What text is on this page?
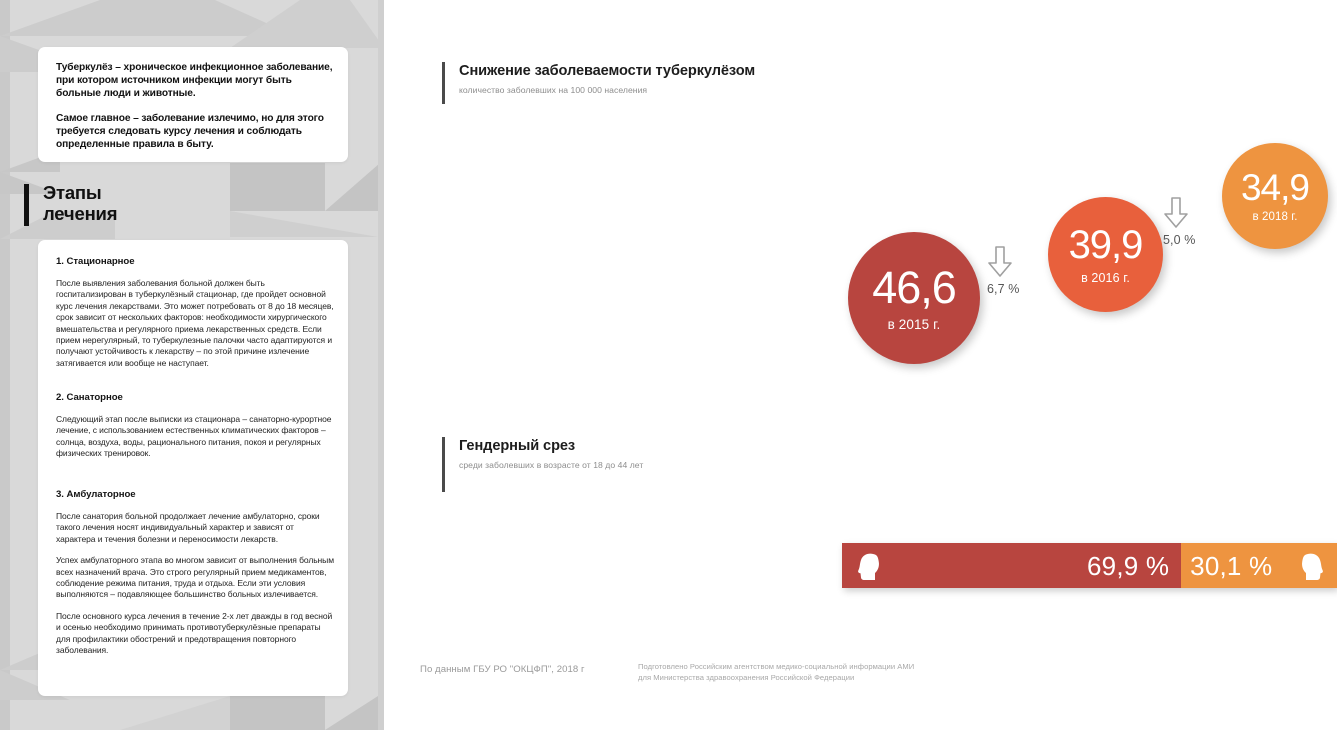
Туберкулёз – хроническое инфекционное заболевание, при котором источником инфекции могут быть больные люди и животные.

Самое главное – заболевание излечимо, но для этого требуется следовать курсу лечения и соблюдать определенные правила в быту.

Этапы
лечения
1. Стационарное

После выявления заболевания больной должен быть госпитализирован в туберкулёзный стационар, где пройдет основной курс лечения лекарствами. Это может потребовать от 8 до 18 месяцев, срок зависит от нескольких факторов: необходимости хирургического вмешательства и регулярного приема лекарственных средств. Если прием нерегулярный, то туберкулезные палочки часто адаптируются и получают устойчивость к лекарству – по этой причине излечение затягивается или вообще не наступает.

2. Санаторное

Следующий этап после выписки из стационара – санаторно-курортное лечение, с использованием естественных климатических факторов – солнца, воздуха, воды, рационального питания, покоя и регулярных физических тренировок.

3. Амбулаторное

После санатория больной продолжает лечение амбулаторно, сроки такого лечения носят индивидуальный характер и зависят от характера и течения болезни и переносимости лекарств.

Успех амбулаторного этапа во многом зависит от выполнения больным всех назначений врача. Это строго регулярный прием медикаментов, соблюдение режима питания, труда и отдыха. Если эти условия выполняются – подавляющее большинство больных излечивается.

После основного курса лечения в течение 2-х лет дважды в год весной и осенью необходимо принимать противотуберкулёзные препараты для профилактики обострений и предотвращения повторного заболевания.

Снижение заболеваемости туберкулёзом
количество заболевших на 100 000 населения
46,6
в 2015 г.
39,9
в 2016 г.
34,9
в 2018 г.
6,7 %
5,0 %
Гендерный срез
среди заболевших в возрасте от 18 до 44 лет
69,9 % 30,1 %
По данным ГБУ РО "ОКЦФП", 2018 г	Подготовлено Российским агентством медико-социальной информации АМИ
для Министерства здравоохранения Российской Федерации
